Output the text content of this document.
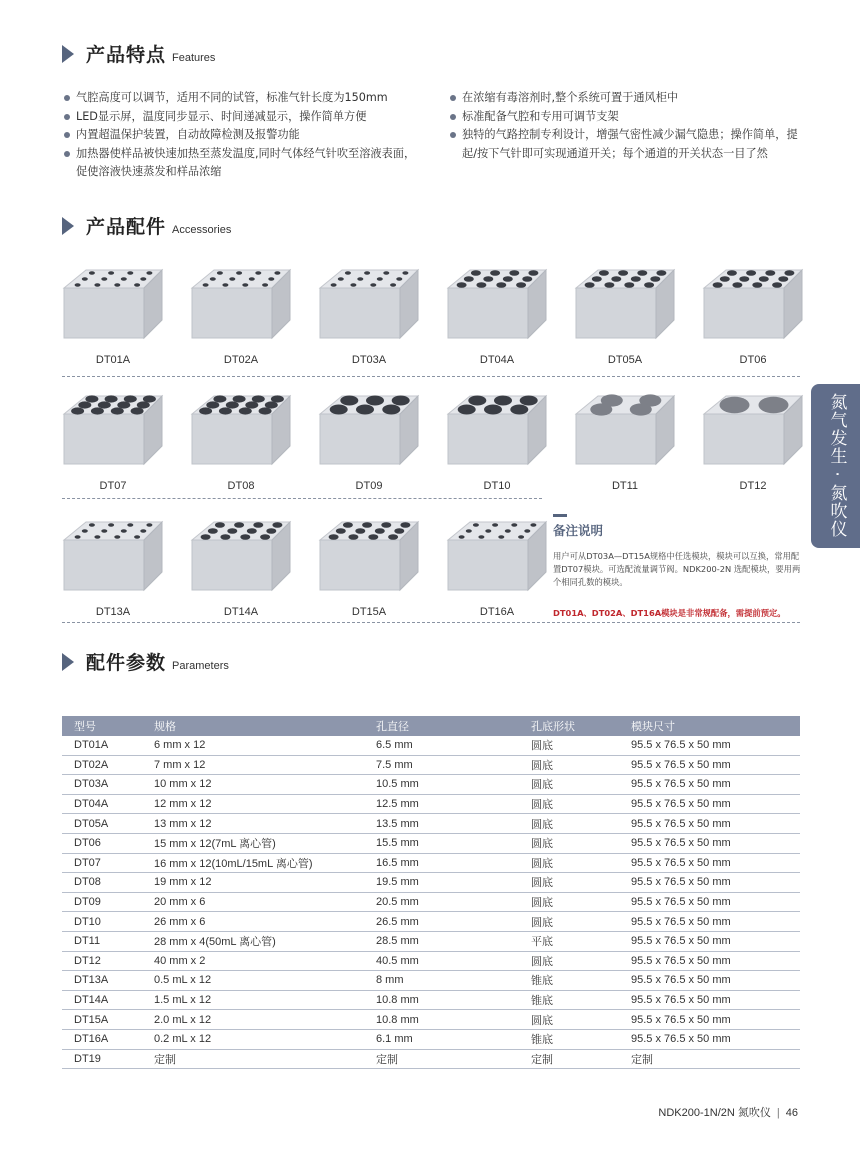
产品特点 Features
气腔高度可以调节，适用不同的试管，标准气针长度为150mm
LED显示屏，温度同步显示、时间递减显示，操作简单方便
内置超温保护装置，自动故障检测及报警功能
加热器使样品被快速加热至蒸发温度,同时气体经气针吹至溶液表面，促使溶液快速蒸发和样品浓缩
在浓缩有毒溶剂时,整个系统可置于通风柜中
标准配备气腔和专用可调节支架
独特的气路控制专利设计，增强气密性减少漏气隐患；操作简单，提起/按下气针即可实现通道开关；每个通道的开关状态一目了然
产品配件 Accessories
DT01A	DT02A	DT03A	DT04A	DT05A	DT06
DT07	DT08	DT09	DT10	DT11	DT12
DT13A	DT14A	DT15A	DT16A
氮气发生 · 氮吹仪
备注说明
用户可从DT03A—DT15A规格中任选模块，模块可以互换，常用配置DT07模块。可选配流量调节阀。NDK200-2N 选配模块，要用两个相同孔数的模块。
DT01A、DT02A、DT16A模块是非常规配备，需提前预定。
配件参数 Parameters
型号	规格	孔直径	孔底形状	模块尺寸
DT01A	6 mm x 12	6.5 mm	圆底	95.5 x 76.5 x 50 mm
DT02A	7 mm x 12	7.5 mm	圆底	95.5 x 76.5 x 50 mm
DT03A	10 mm x 12	10.5 mm	圆底	95.5 x 76.5 x 50 mm
DT04A	12 mm x 12	12.5 mm	圆底	95.5 x 76.5 x 50 mm
DT05A	13 mm x 12	13.5 mm	圆底	95.5 x 76.5 x 50 mm
DT06	15 mm x 12(7mL 离心管)	15.5 mm	圆底	95.5 x 76.5 x 50 mm
DT07	16 mm x 12(10mL/15mL 离心管)	16.5 mm	圆底	95.5 x 76.5 x 50 mm
DT08	19 mm x 12	19.5 mm	圆底	95.5 x 76.5 x 50 mm
DT09	20 mm x 6	20.5 mm	圆底	95.5 x 76.5 x 50 mm
DT10	26 mm x 6	26.5 mm	圆底	95.5 x 76.5 x 50 mm
DT11	28 mm x 4(50mL 离心管)	28.5 mm	平底	95.5 x 76.5 x 50 mm
DT12	40 mm x 2	40.5 mm	圆底	95.5 x 76.5 x 50 mm
DT13A	0.5 mL x 12	8 mm	锥底	95.5 x 76.5 x 50 mm
DT14A	1.5 mL x 12	10.8 mm	锥底	95.5 x 76.5 x 50 mm
DT15A	2.0 mL x 12	10.8 mm	圆底	95.5 x 76.5 x 50 mm
DT16A	0.2 mL x 12	6.1 mm	锥底	95.5 x 76.5 x 50 mm
DT19	定制	定制	定制	定制
NDK200-1N/2N 氮吹仪 | 46
